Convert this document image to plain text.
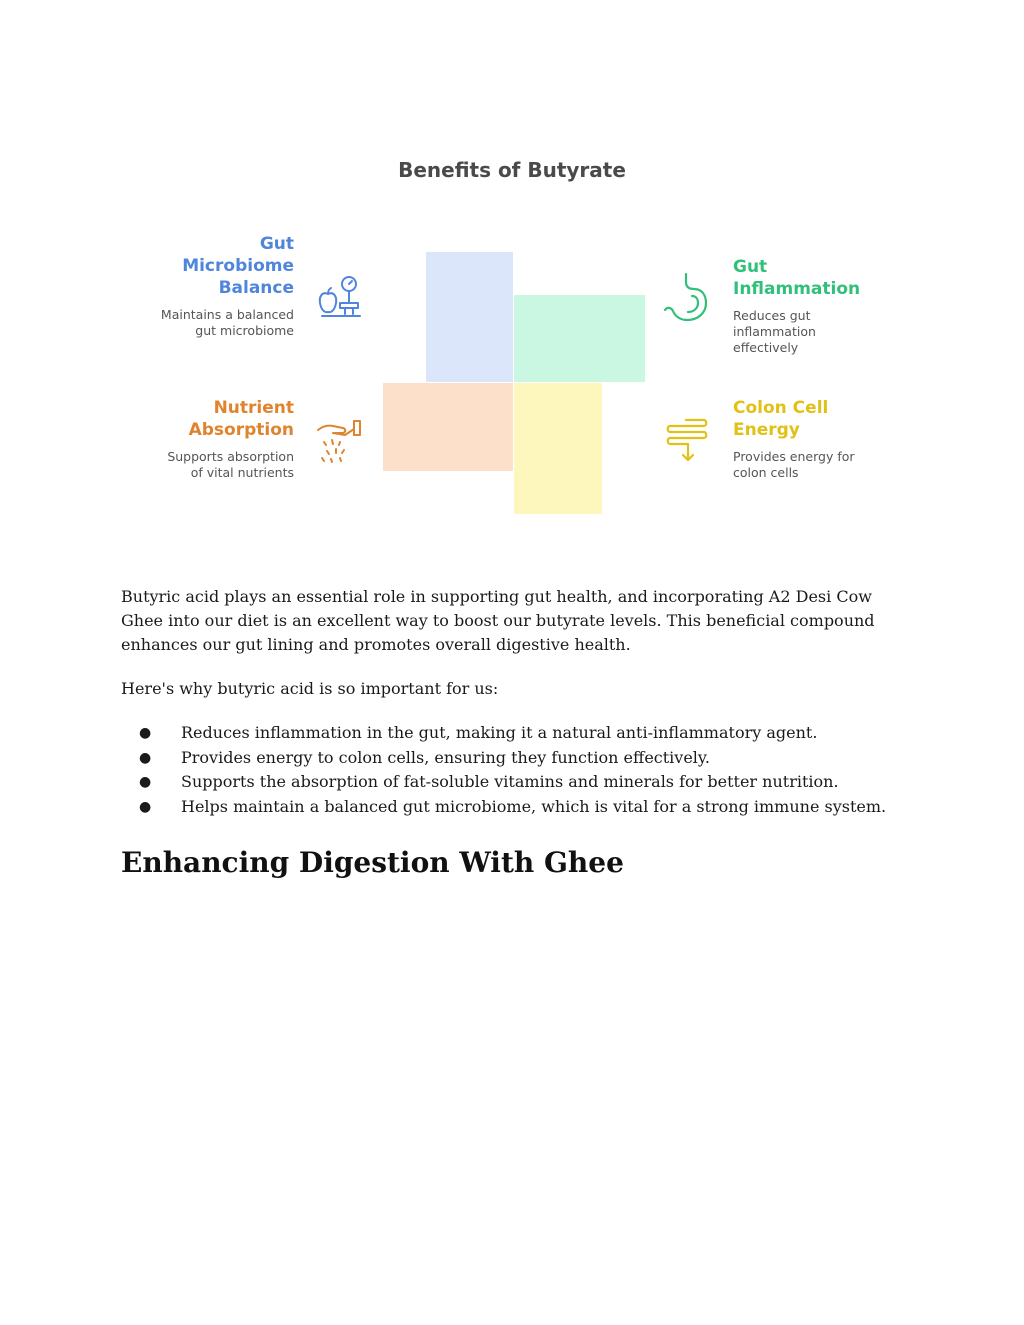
Benefits of Butyrate
Gut
Microbiome
Balance
Maintains a balanced
gut microbiome
Gut
Inflammation
Reduces gut
inflammation
effectively
Nutrient
Absorption
Supports absorption
of vital nutrients
Colon Cell
Energy
Provides energy for
colon cells

Butyric acid plays an essential role in supporting gut health, and incorporating A2 Desi Cow Ghee into our diet is an excellent way to boost our butyrate levels. This beneficial compound enhances our gut lining and promotes overall digestive health.

Here's why butyric acid is so important for us:

● Reduces inflammation in the gut, making it a natural anti-inflammatory agent.
● Provides energy to colon cells, ensuring they function effectively.
● Supports the absorption of fat-soluble vitamins and minerals for better nutrition.
● Helps maintain a balanced gut microbiome, which is vital for a strong immune system.
Enhancing Digestion With Ghee
